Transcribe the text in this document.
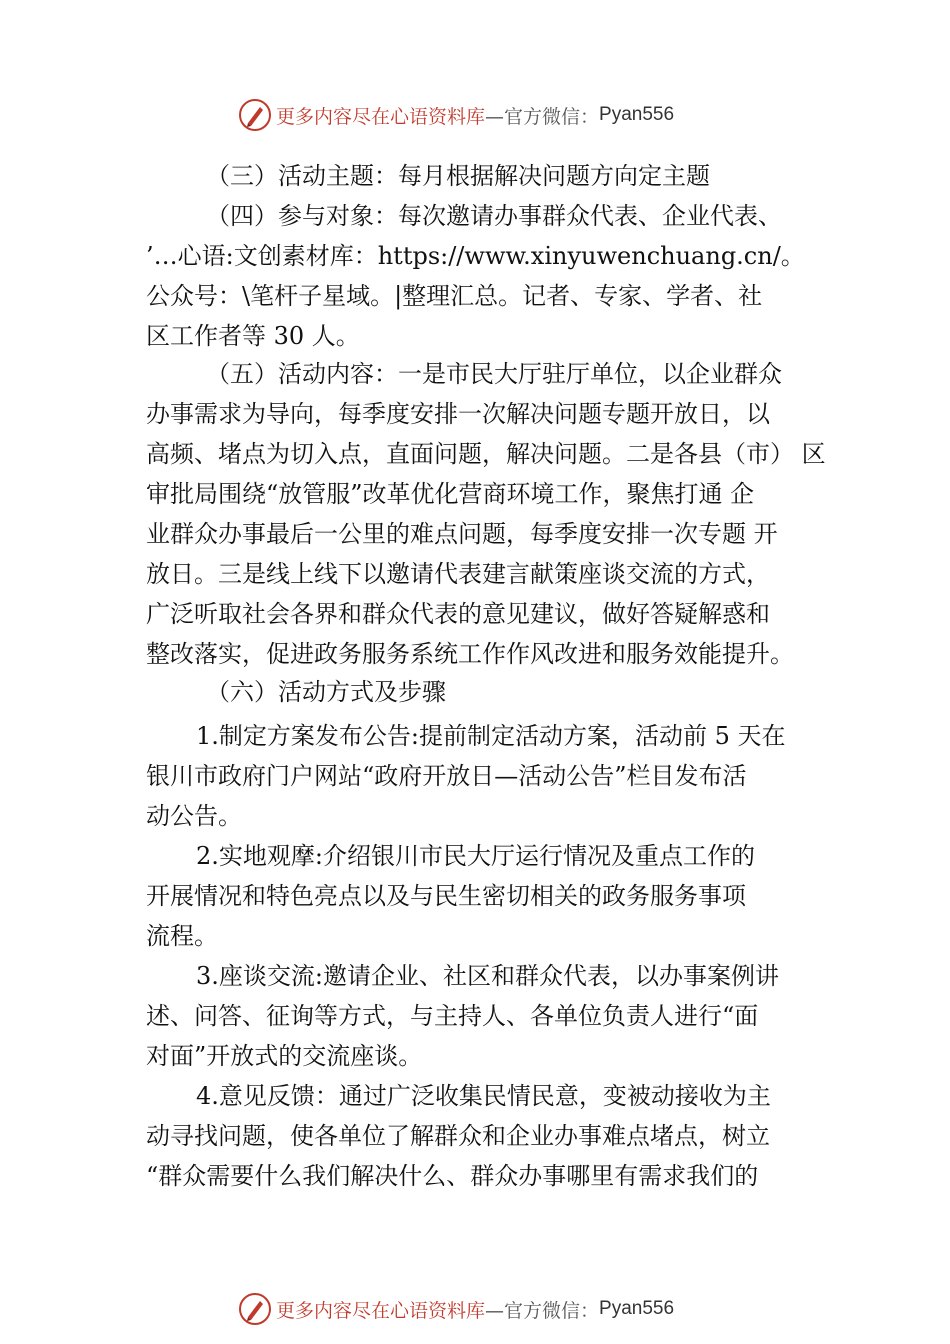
更多内容尽在心语资料库 —官方微信： Pyan556
（三）活动主题：每月根据解决问题方向定主题
（四）参与对象：每次邀请办事群众代表、企业代表、
’…心语:文创素材库：https://www.xinyuwenchuang.cn/。
公众号：\笔杆子星域。|整理汇总。记者、专家、学者、社
区工作者等 30 人。
（五）活动内容：一是市民大厅驻厅单位，以企业群众
办事需求为导向，每季度安排一次解决问题专题开放日，以
高频、堵点为切入点，直面问题，解决问题。二是各县（市） 区
审批局围绕“放管服”改革优化营商环境工作，聚焦打通 企
业群众办事最后一公里的难点问题，每季度安排一次专题 开
放日。三是线上线下以邀请代表建言献策座谈交流的方式，
广泛听取社会各界和群众代表的意见建议，做好答疑解惑和
整改落实，促进政务服务系统工作作风改进和服务效能提升。
（六）活动方式及步骤
1.制定方案发布公告:提前制定活动方案，活动前 5 天在
银川市政府门户网站“政府开放日—活动公告”栏目发布活
动公告。
2.实地观摩:介绍银川市民大厅运行情况及重点工作的
开展情况和特色亮点以及与民生密切相关的政务服务事项
流程。
3.座谈交流:邀请企业、社区和群众代表，以办事案例讲
述、问答、征询等方式，与主持人、各单位负责人进行“面
对面”开放式的交流座谈。
4.意见反馈：通过广泛收集民情民意，变被动接收为主
动寻找问题，使各单位了解群众和企业办事难点堵点，树立
“群众需要什么我们解决什么、群众办事哪里有需求我们的
更多内容尽在心语资料库 —官方微信： Pyan556
